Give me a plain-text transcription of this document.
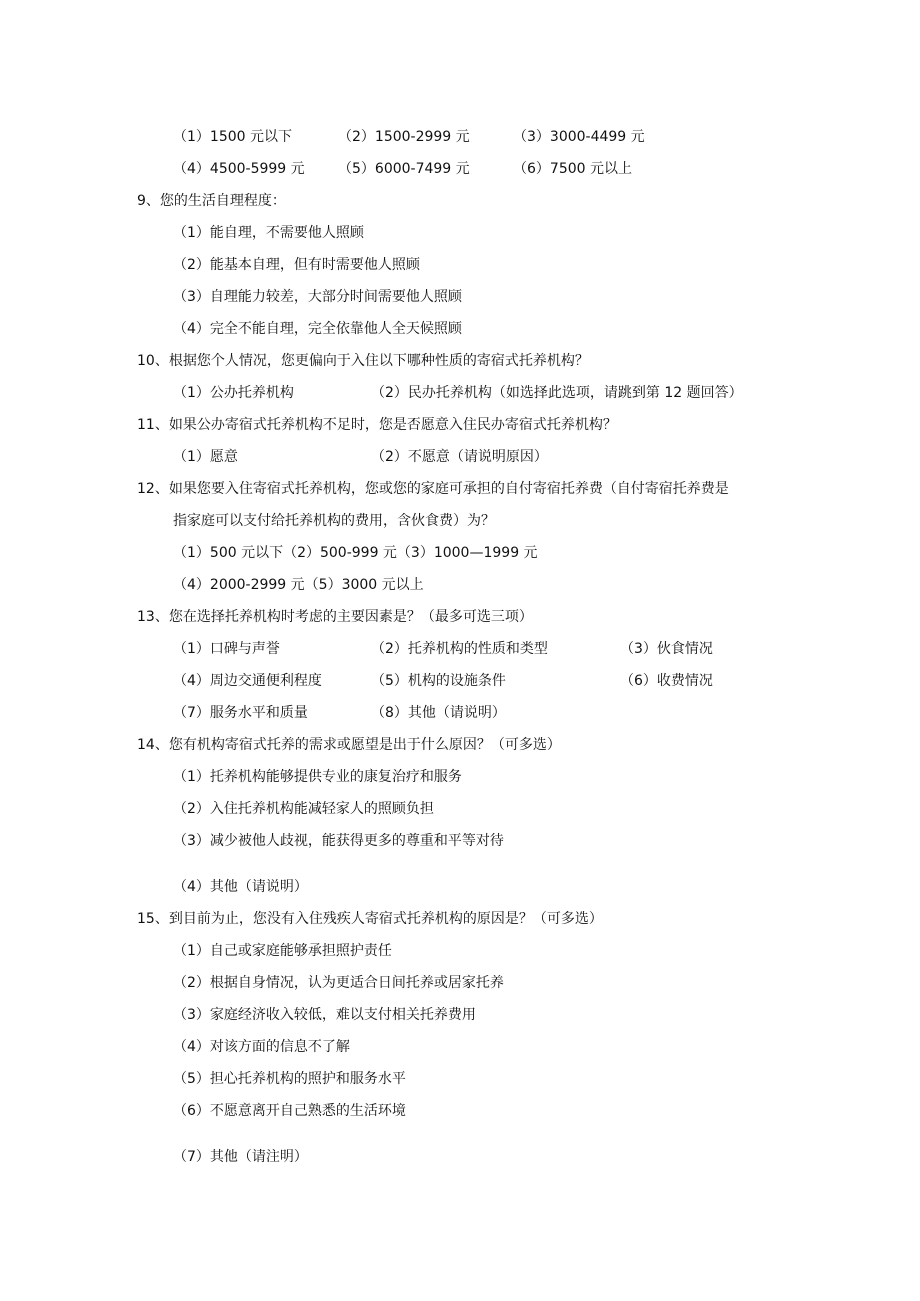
（1）1500 元以下	（2）1500-2999 元	（3）3000-4499 元
（4）4500-5999 元 （5）6000-7499 元	（6）7500 元以上
9、您的生活自理程度：
（1）能自理，不需要他人照顾
（2）能基本自理，但有时需要他人照顾
（3）自理能力较差，大部分时间需要他人照顾
（4）完全不能自理，完全依靠他人全天候照顾
10、根据您个人情况，您更偏向于入住以下哪种性质的寄宿式托养机构？
（1）公办托养机构	（2）民办托养机构（如选择此选项，请跳到第 12 题回答）
11、如果公办寄宿式托养机构不足时，您是否愿意入住民办寄宿式托养机构？
（1）愿意	（2）不愿意（请说明原因）
12、如果您要入住寄宿式托养机构，您或您的家庭可承担的自付寄宿托养费（自付寄宿托养费是
指家庭可以支付给托养机构的费用，含伙食费）为？
（1）500 元以下（2）500-999 元（3）1000—1999 元
（4）2000-2999 元（5）3000 元以上
13、您在选择托养机构时考虑的主要因素是？（最多可选三项）
（1）口碑与声誉	（2）托养机构的性质和类型	（3）伙食情况
（4）周边交通便利程度	（5）机构的设施条件	（6）收费情况
（7）服务水平和质量	（8）其他（请说明）
14、您有机构寄宿式托养的需求或愿望是出于什么原因？（可多选）
（1）托养机构能够提供专业的康复治疗和服务
（2）入住托养机构能减轻家人的照顾负担
（3）减少被他人歧视，能获得更多的尊重和平等对待
（4）其他（请说明）
15、到目前为止，您没有入住残疾人寄宿式托养机构的原因是？（可多选）
（1）自己或家庭能够承担照护责任
（2）根据自身情况，认为更适合日间托养或居家托养
（3）家庭经济收入较低，难以支付相关托养费用
（4）对该方面的信息不了解
（5）担心托养机构的照护和服务水平
（6）不愿意离开自己熟悉的生活环境
（7）其他（请注明）
